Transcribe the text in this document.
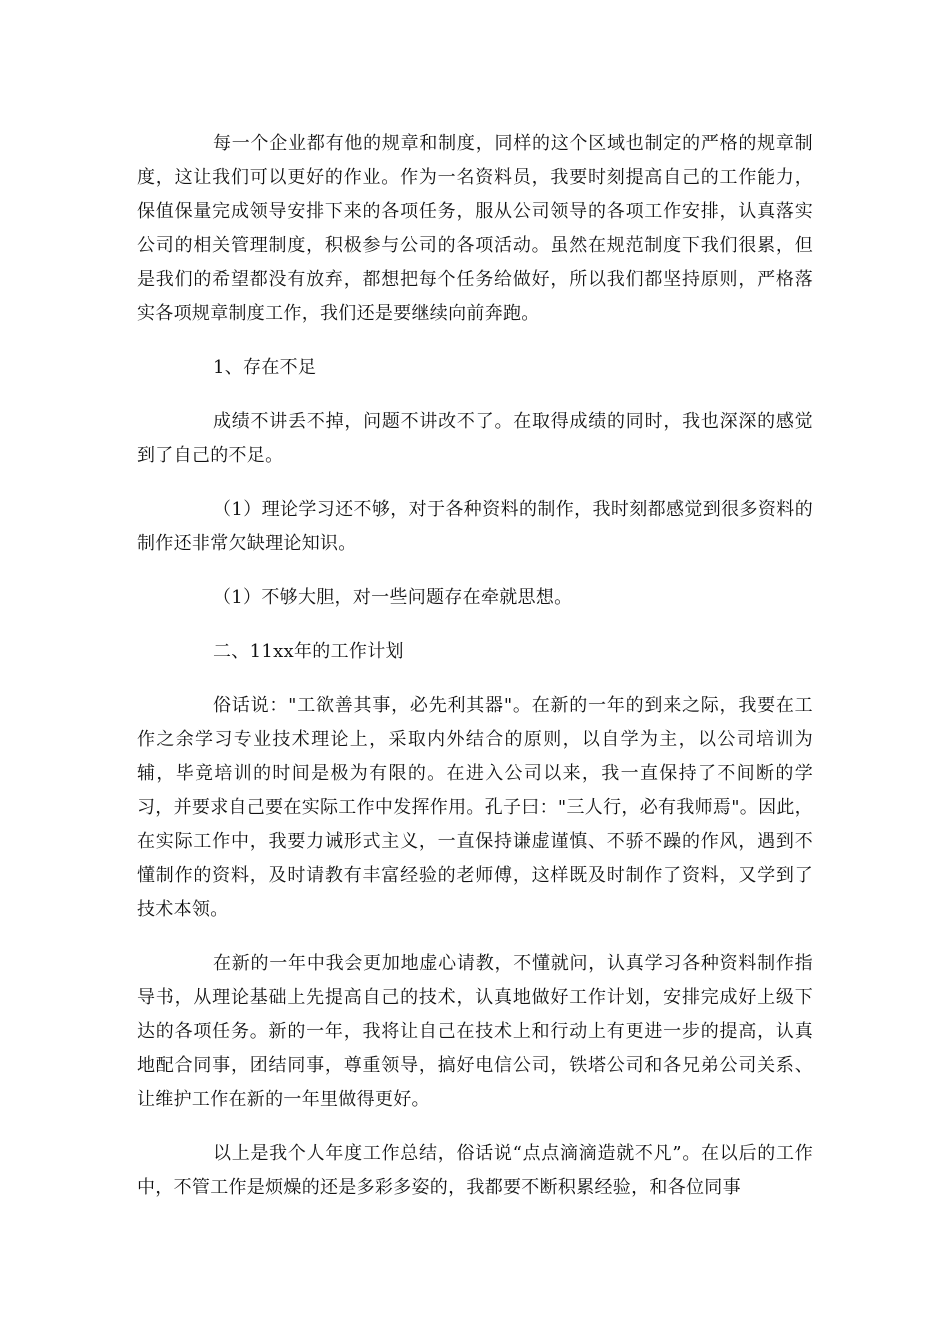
每一个企业都有他的规章和制度，同样的这个区域也制定的严格的规章制度，这让我们可以更好的作业。作为一名资料员，我要时刻提高自己的工作能力，保值保量完成领导安排下来的各项任务，服从公司领导的各项工作安排，认真落实公司的相关管理制度，积极参与公司的各项活动。虽然在规范制度下我们很累，但是我们的希望都没有放弃，都想把每个任务给做好，所以我们都坚持原则，严格落实各项规章制度工作，我们还是要继续向前奔跑。

1、存在不足

成绩不讲丢不掉，问题不讲改不了。在取得成绩的同时，我也深深的感觉到了自己的不足。

（1）理论学习还不够，对于各种资料的制作，我时刻都感觉到很多资料的制作还非常欠缺理论知识。

（1）不够大胆，对一些问题存在牵就思想。

二、11xx年的工作计划

俗话说："工欲善其事，必先利其器"。在新的一年的到来之际，我要在工作之余学习专业技术理论上，采取内外结合的原则，以自学为主，以公司培训为辅，毕竟培训的时间是极为有限的。在进入公司以来，我一直保持了不间断的学习，并要求自己要在实际工作中发挥作用。孔子曰："三人行，必有我师焉"。因此，在实际工作中，我要力诫形式主义，一直保持谦虚谨慎、不骄不躁的作风，遇到不懂制作的资料，及时请教有丰富经验的老师傅，这样既及时制作了资料，又学到了技术本领。

在新的一年中我会更加地虚心请教，不懂就问，认真学习各种资料制作指导书，从理论基础上先提高自己的技术，认真地做好工作计划，安排完成好上级下达的各项任务。新的一年，我将让自己在技术上和行动上有更进一步的提高，认真地配合同事，团结同事，尊重领导，搞好电信公司，铁塔公司和各兄弟公司关系、让维护工作在新的一年里做得更好。

以上是我个人年度工作总结，俗话说“点点滴滴造就不凡”。在以后的工作中，不管工作是烦燥的还是多彩多姿的，我都要不断积累经验，和各位同事
